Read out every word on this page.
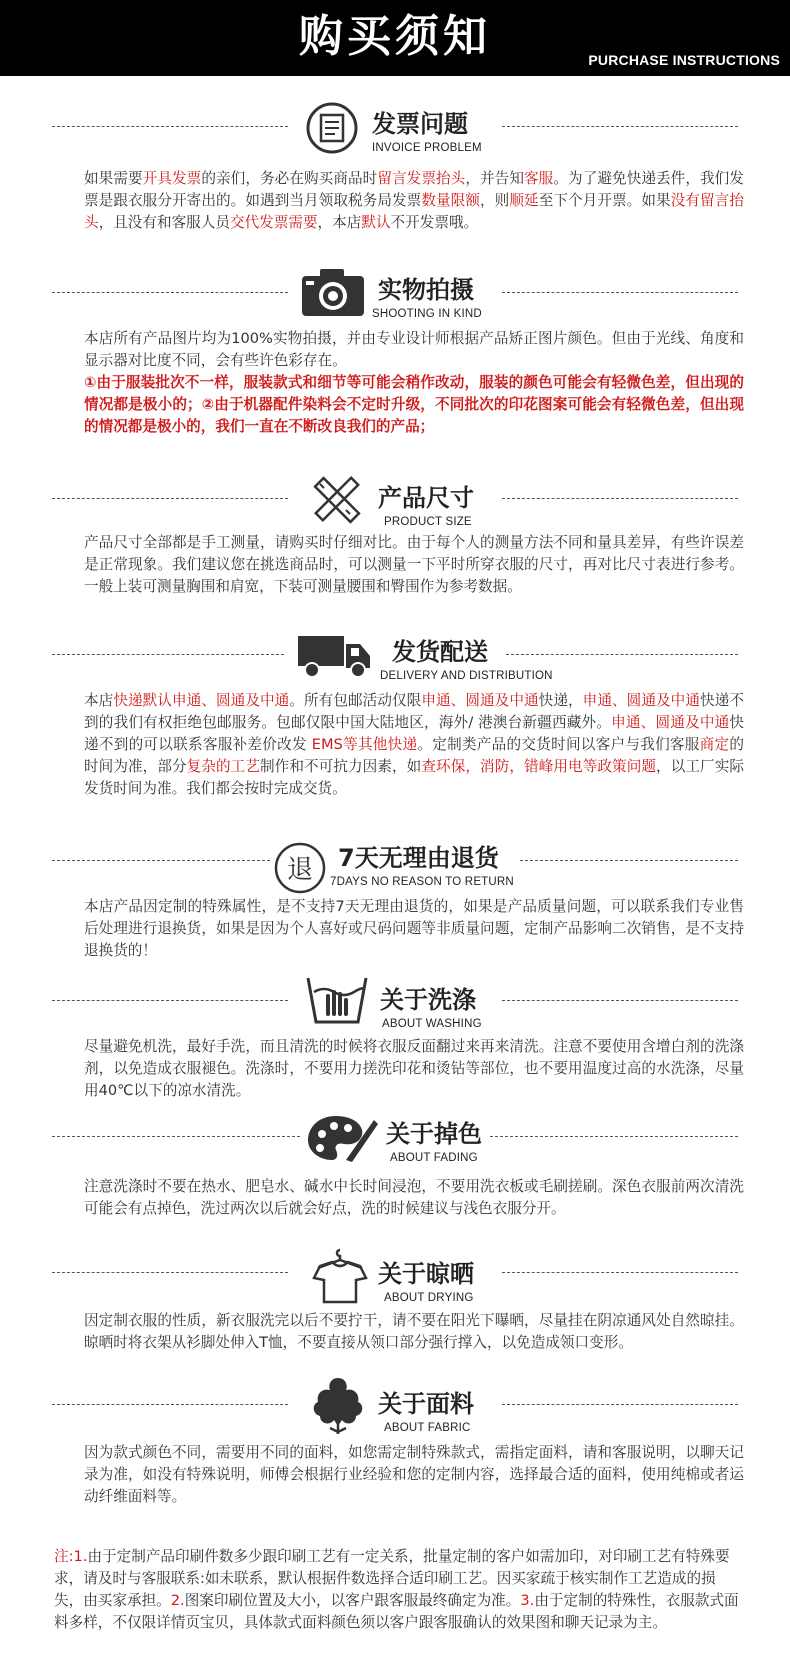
购买须知	PURCHASE INSTRUCTIONS
发票问题
INVOICE PROBLEM
如果需要开具发票的亲们，务必在购买商品时留言发票抬头，并告知客服。为了避免快递丢件，我们发票是跟衣服分开寄出的。如遇到当月领取税务局发票数量限额，则顺延至下个月开票。如果没有留言抬头，且没有和客服人员交代发票需要，本店默认不开发票哦。
实物拍摄
SHOOTING IN KIND
本店所有产品图片均为100%实物拍摄，并由专业设计师根据产品矫正图片颜色。但由于光线、角度和显示器对比度不同，会有些许色彩存在。
①由于服装批次不一样，服装款式和细节等可能会稍作改动，服装的颜色可能会有轻微色差，但出现的情况都是极小的；②由于机器配件染料会不定时升级，不同批次的印花图案可能会有轻微色差，但出现的情况都是极小的，我们一直在不断改良我们的产品；
产品尺寸
PRODUCT SIZE
产品尺寸全部都是手工测量，请购买时仔细对比。由于每个人的测量方法不同和量具差异，有些许误差是正常现象。我们建议您在挑选商品时，可以测量一下平时所穿衣服的尺寸，再对比尺寸表进行参考。一般上装可测量胸围和肩宽，下装可测量腰围和臀围作为参考数据。
发货配送
DELIVERY AND DISTRIBUTION
本店快递默认申通、圆通及中通。所有包邮活动仅限申通、圆通及中通快递，申通、圆通及中通快递不到的我们有权拒绝包邮服务。包邮仅限中国大陆地区，海外/ 港澳台新疆西藏外。申通、圆通及中通快递不到的可以联系客服补差价改发 EMS等其他快递。定制类产品的交货时间以客户与我们客服商定的时间为准，部分复杂的工艺制作和不可抗力因素，如查环保，消防，错峰用电等政策问题，以工厂实际发货时间为准。我们都会按时完成交货。
退 7天无理由退货
7DAYS NO REASON TO RETURN
本店产品因定制的特殊属性，是不支持7天无理由退货的，如果是产品质量问题，可以联系我们专业售后处理进行退换货，如果是因为个人喜好或尺码问题等非质量问题，定制产品影响二次销售，是不支持退换货的！
关于洗涤
ABOUT WASHING
尽量避免机洗，最好手洗，而且清洗的时候将衣服反面翻过来再来清洗。注意不要使用含增白剂的洗涤剂，以免造成衣服褪色。洗涤时，不要用力搓洗印花和烫钻等部位，也不要用温度过高的水洗涤，尽量用40℃以下的凉水清洗。
关于掉色
ABOUT FADING
注意洗涤时不要在热水、肥皂水、碱水中长时间浸泡，不要用洗衣板或毛刷搓刷。深色衣服前两次清洗可能会有点掉色，洗过两次以后就会好点，洗的时候建议与浅色衣服分开。
关于晾晒
ABOUT DRYING
因定制衣服的性质，新衣服洗完以后不要拧干，请不要在阳光下曝晒，尽量挂在阴凉通风处自然晾挂。晾晒时将衣架从衫脚处伸入T恤，不要直接从领口部分强行撑入，以免造成领口变形。
关于面料
ABOUT FABRIC
因为款式颜色不同，需要用不同的面料，如您需定制特殊款式，需指定面料，请和客服说明，以聊天记录为准，如没有特殊说明，师傅会根据行业经验和您的定制内容，选择最合适的面料，使用纯棉或者运动纤维面料等。
注:1.由于定制产品印刷件数多少跟印刷工艺有一定关系，批量定制的客户如需加印，对印刷工艺有特殊要求，请及时与客服联系:如未联系，默认根据件数选择合适印刷工艺。因买家疏于核实制作工艺造成的损失，由买家承担。2.图案印刷位置及大小，以客户跟客服最终确定为准。3.由于定制的特殊性，衣服款式面料多样，不仅限详情页宝贝，具体款式面料颜色须以客户跟客服确认的效果图和聊天记录为主。
